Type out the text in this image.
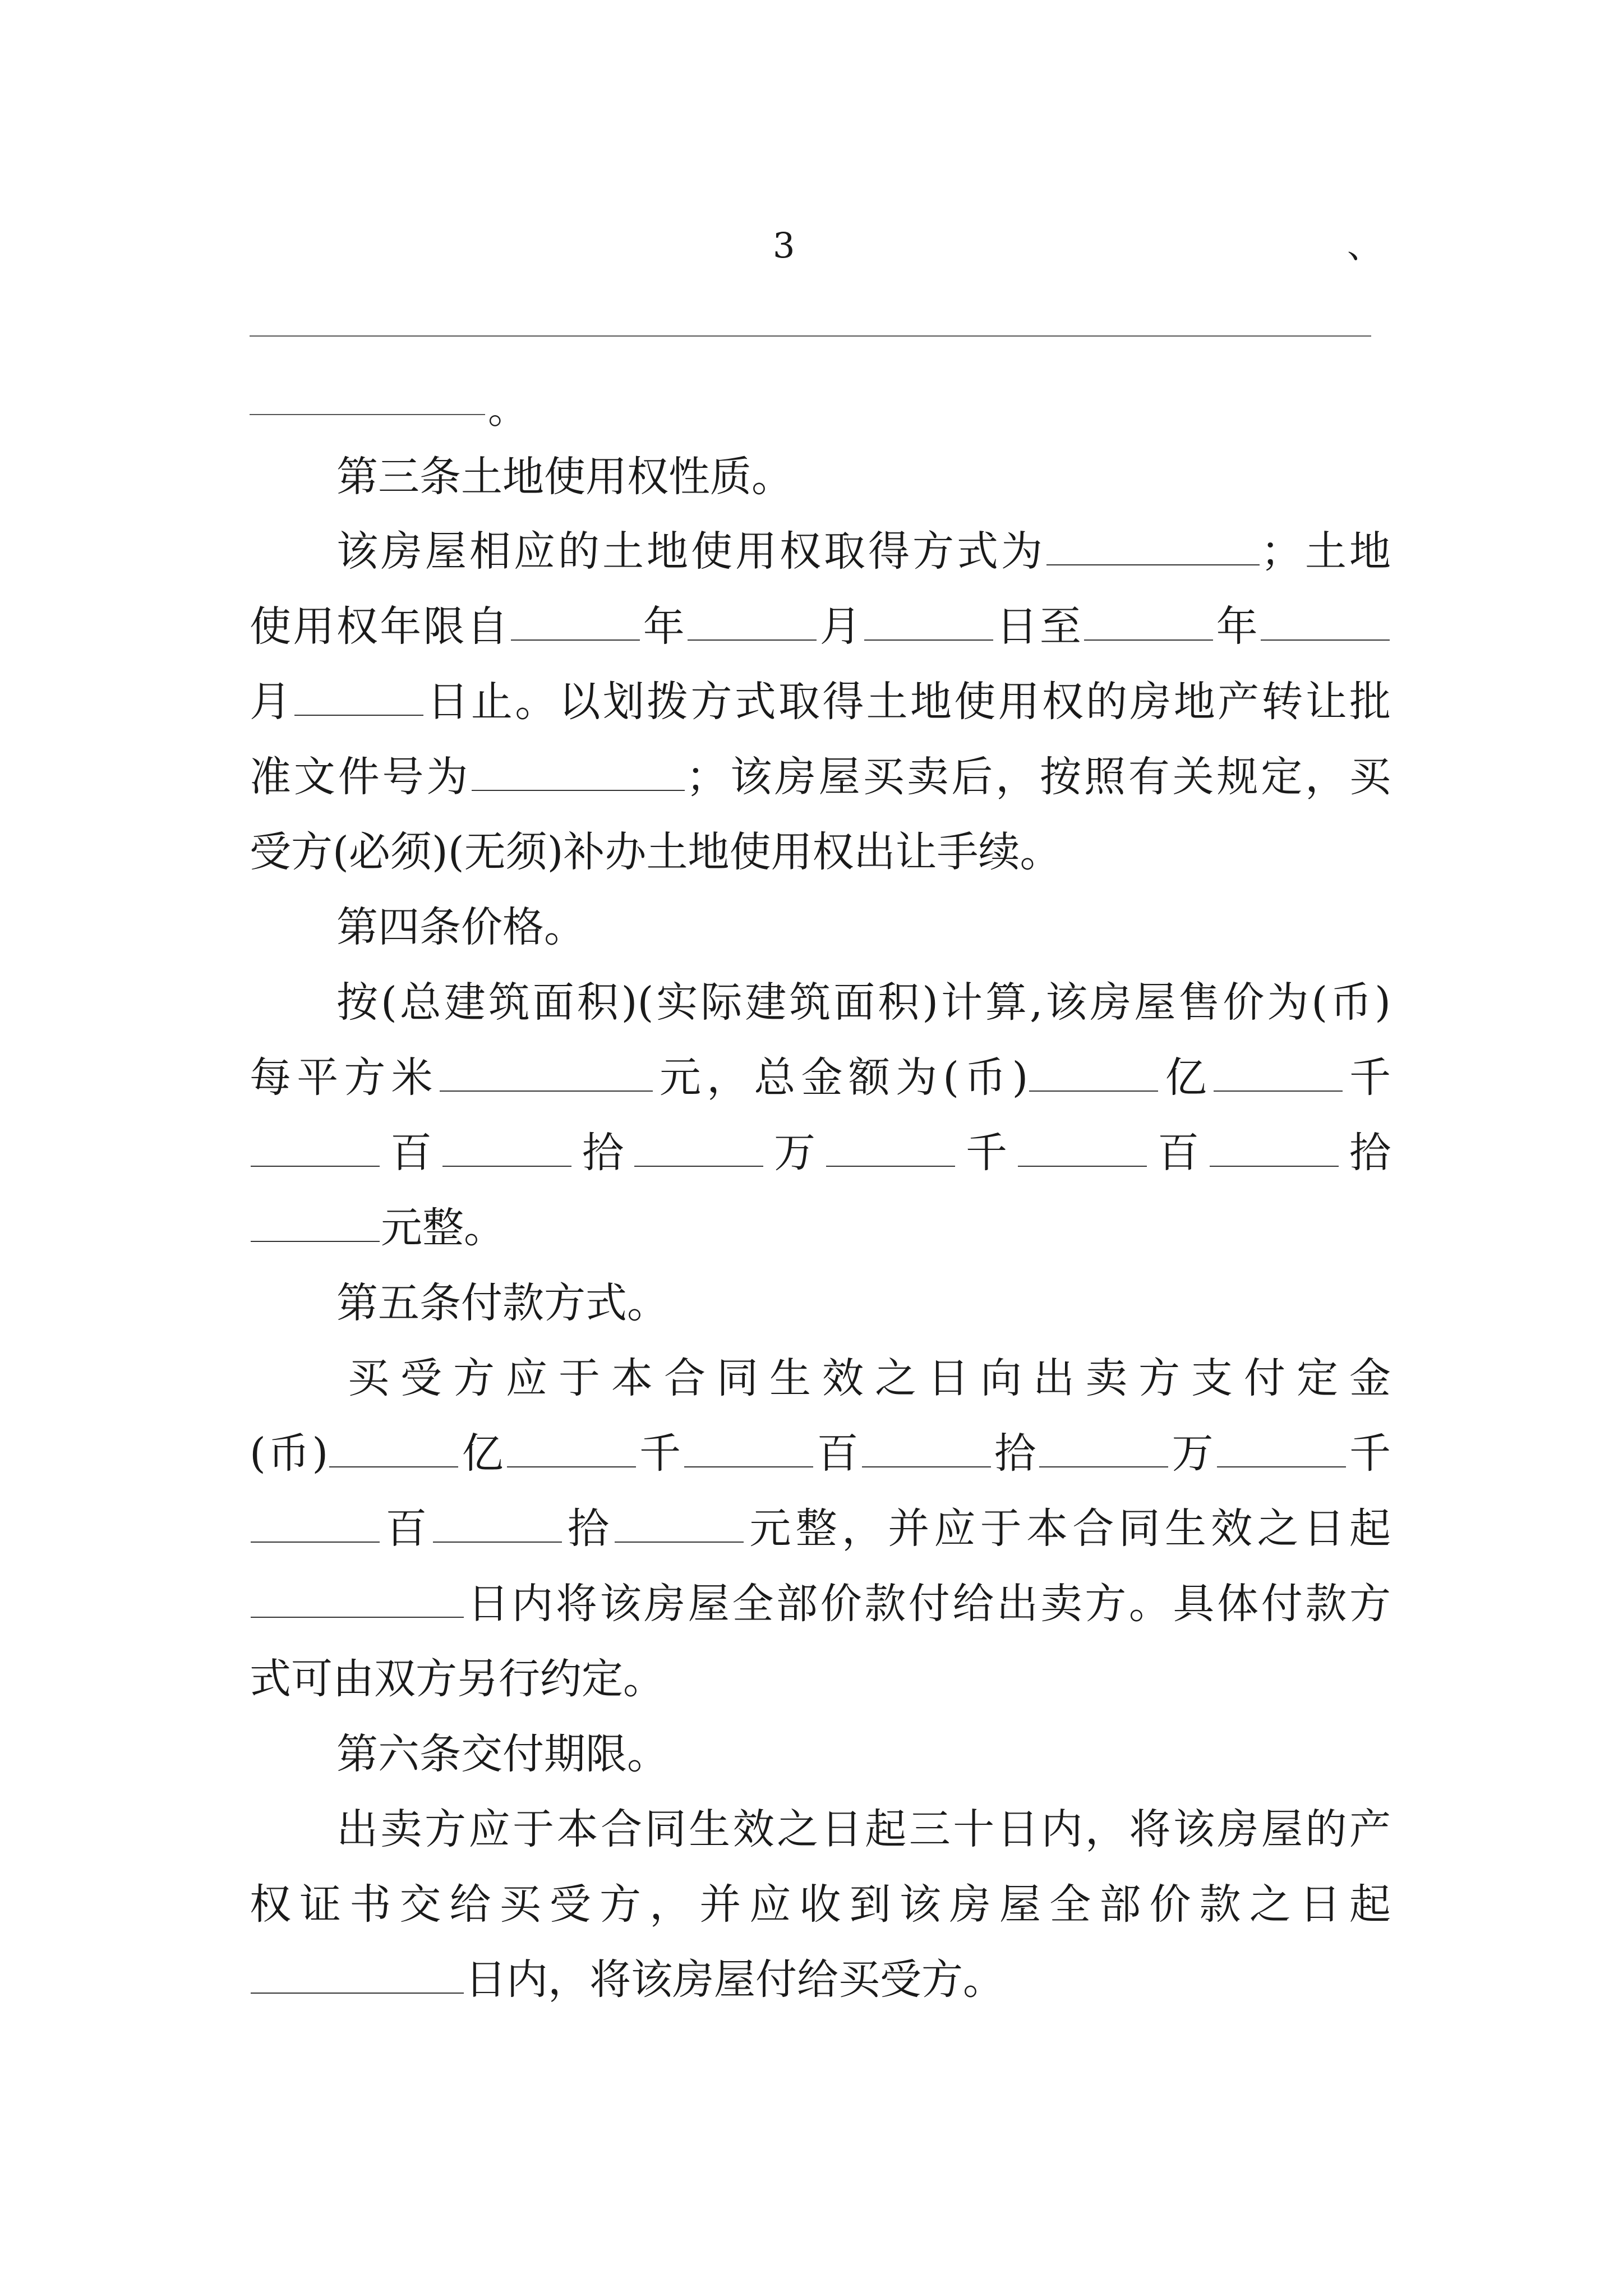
3	、
。
第三条土地使用权性质。
该房屋相应的土地使用权取得方式为	；土地
使用权年限自	年	月	日至	年
月	日止。以划拨方式取得土地使用权的房地产转让批
准文件号为	；该房屋买卖后，按照有关规定，买
受方(必须)(无须)补办土地使用权出让手续。
第四条价格。
按(总建筑面积)(实际建筑面积)计算,该房屋售价为(币)
每平方米	元，总金额为(币)	亿	千
百	拾	万	千	百	拾
元整。
第五条付款方式。
买受方应于本合同生效之日向出卖方支付定金
(币)	亿	千	百	拾	万	千
百	拾	元整，并应于本合同生效之日起
日内将该房屋全部价款付给出卖方。具体付款方
式可由双方另行约定。
第六条交付期限。
出卖方应于本合同生效之日起三十日内，将该房屋的产
权证书交给买受方，并应收到该房屋全部价款之日起
日内，将该房屋付给买受方。
